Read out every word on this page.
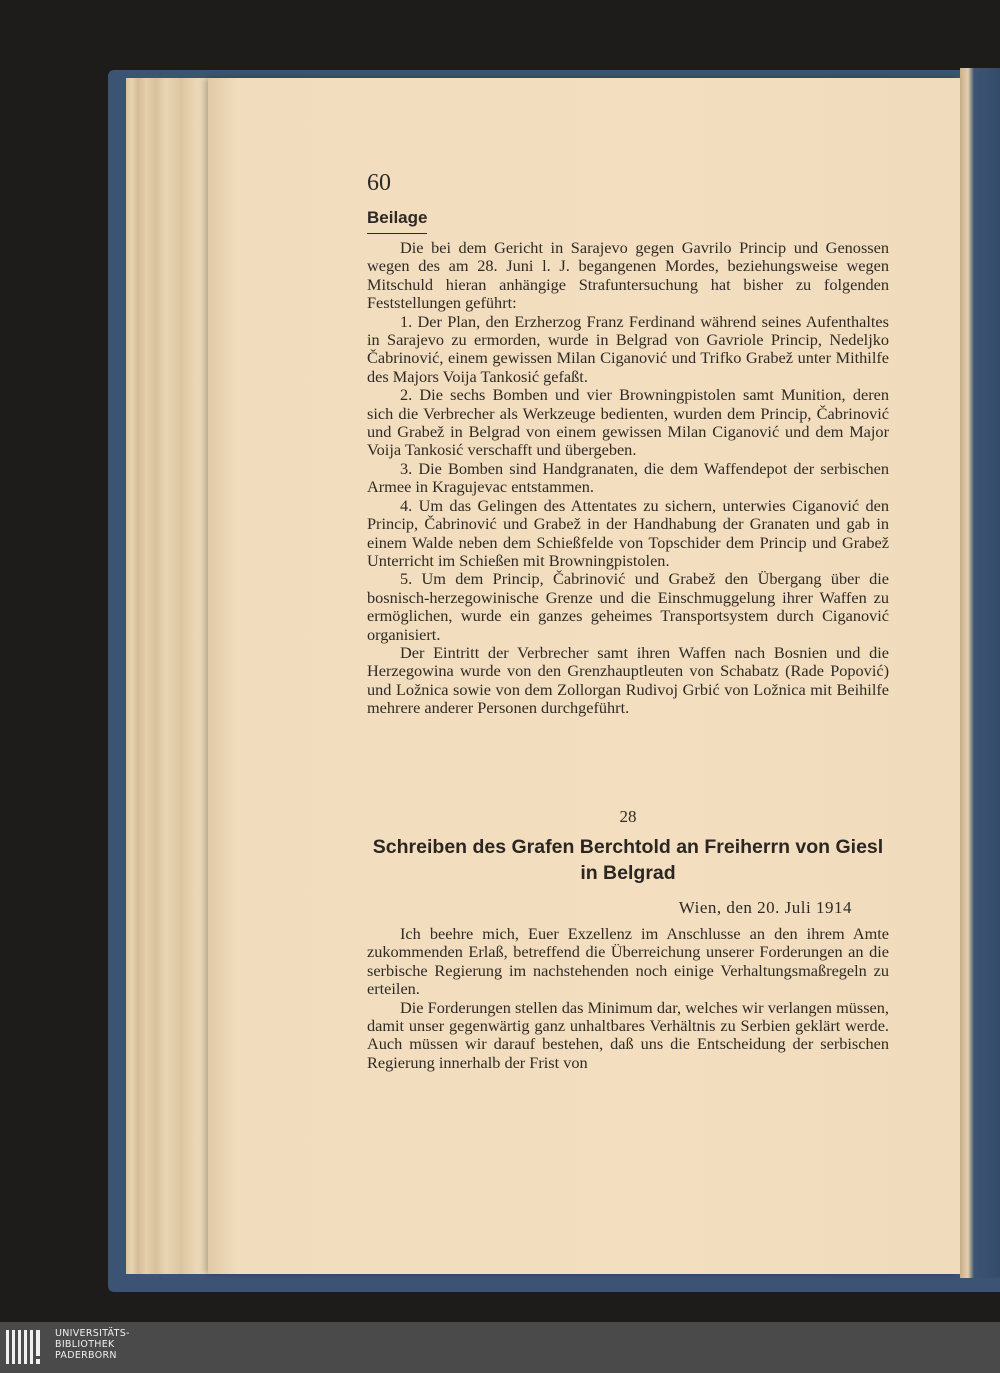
60
Beilage

Die bei dem Gericht in Sarajevo gegen Gavrilo Princip und Genossen wegen des am 28. Juni l. J. begangenen Mordes, beziehungsweise wegen Mitschuld hieran anhängige Strafuntersuchung hat bisher zu folgenden Feststellungen geführt:

1. Der Plan, den Erzherzog Franz Ferdinand während seines Aufenthaltes in Sarajevo zu ermorden, wurde in Belgrad von Gavriole Princip, Nedeljko Čabrinović, einem gewissen Milan Ciganović und Trifko Grabež unter Mithilfe des Majors Voija Tankosić gefaßt.

2. Die sechs Bomben und vier Browningpistolen samt Munition, deren sich die Verbrecher als Werkzeuge bedienten, wurden dem Princip, Čabrinović und Grabež in Belgrad von einem gewissen Milan Ciganović und dem Major Voija Tankosić verschafft und übergeben.

3. Die Bomben sind Handgranaten, die dem Waffendepot der serbischen Armee in Kragujevac entstammen.

4. Um das Gelingen des Attentates zu sichern, unterwies Ciganović den Princip, Čabrinović und Grabež in der Handhabung der Granaten und gab in einem Walde neben dem Schießfelde von Topschider dem Princip und Grabež Unterricht im Schießen mit Browningpistolen.

5. Um dem Princip, Čabrinović und Grabež den Übergang über die bosnisch-herzegowinische Grenze und die Einschmuggelung ihrer Waffen zu ermöglichen, wurde ein ganzes geheimes Transportsystem durch Ciganović organisiert.

Der Eintritt der Verbrecher samt ihren Waffen nach Bosnien und die Herzegowina wurde von den Grenzhauptleuten von Schabatz (Rade Popović) und Ložnica sowie von dem Zollorgan Rudivoj Grbić von Ložnica mit Beihilfe mehrere anderer Personen durchgeführt.

28
Schreiben des Grafen Berchtold an Freiherrn von Giesl
in Belgrad
Wien, den 20. Juli 1914

Ich beehre mich, Euer Exzellenz im Anschlusse an den ihrem Amte zukommenden Erlaß, betreffend die Überreichung unserer Forderungen an die serbische Regierung im nachstehenden noch einige Verhaltungsmaßregeln zu erteilen.

Die Forderungen stellen das Minimum dar, welches wir verlangen müssen, damit unser gegenwärtig ganz unhaltbares Verhältnis zu Serbien geklärt werde. Auch müssen wir darauf bestehen, daß uns die Entscheidung der serbischen Regierung innerhalb der Frist von

UNIVERSITÄTS-
BIBLIOTHEK
PADERBORN
